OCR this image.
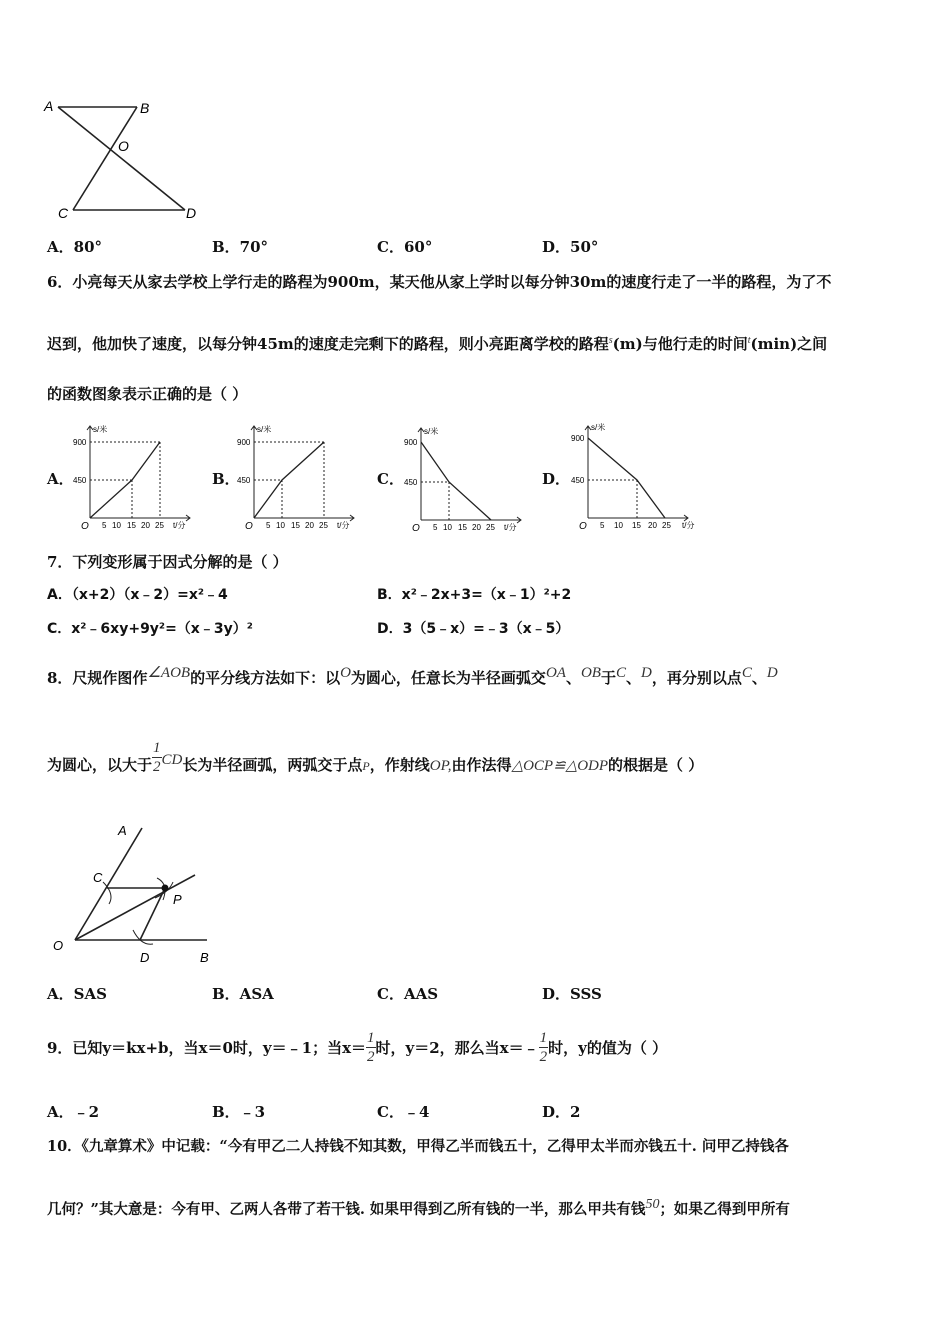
A	B
O
C	D
A．80°	B．70°	C．60°	D．50°
6．小亮每天从家去学校上学行走的路程为900m，某天他从家上学时以每分钟30m的速度行走了一半的路程，为了不
迟到，他加快了速度，以每分钟45m的速度走完剩下的路程，则小亮距离学校的路程$^s$(m)与他行走的时间$^t$(min)之间
的函数图象表示正确的是（ ）
A．	B．	C．	D．
s/米
t/分
900
450
O 5 10 15 20 25
s/米
t/分
900
450
O 5 10 15 20 25
s/米
t/分
900
450
O 5 10 15 20 25
s/米
t/分
900
450
O 5 10 15 20 25
7．下列变形属于因式分解的是（ ）
A．（x+2）（x﹣2）=x²﹣4	B．x²﹣2x+3=（x﹣1）²+2
C．x²﹣6xy+9y²=（x﹣3y）²	D．3（5﹣x）=﹣3（x﹣5）
8．尺规作图作$^{\angle AOB}$的平分线方法如下：以$^O$为圆心，任意长为半径画弧交$^{OA}$、$^{OB}$于$^C$、$^D$，再分别以点$^C$、$^D$
为圆心，以大于 $\frac{1}{2} ^{CD}$长为半径画弧，两弧交于点P，作射线OP,由作法得△OCP≌△ODP的根据是（ ）
A
C
P
O
D	B
A．SAS	B．ASA	C．AAS	D．SSS
9．已知y＝kx+b，当x＝0时，y＝﹣1；当$x= \frac{1}{2}$ 时，y＝2，那么当x＝﹣ $\frac{1}{2}$ 时，y的值为（ ）
A．﹣2	B．﹣3	C．﹣4	D．2
10．《九章算术》中记载：“今有甲乙二人持钱不知其数，甲得乙半而钱五十，乙得甲太半而亦钱五十. 问甲乙持钱各
几何？”其大意是：今有甲、乙两人各带了若干钱. 如果甲得到乙所有钱的一半，那么甲共有钱$^{50}$；如果乙得到甲所有
